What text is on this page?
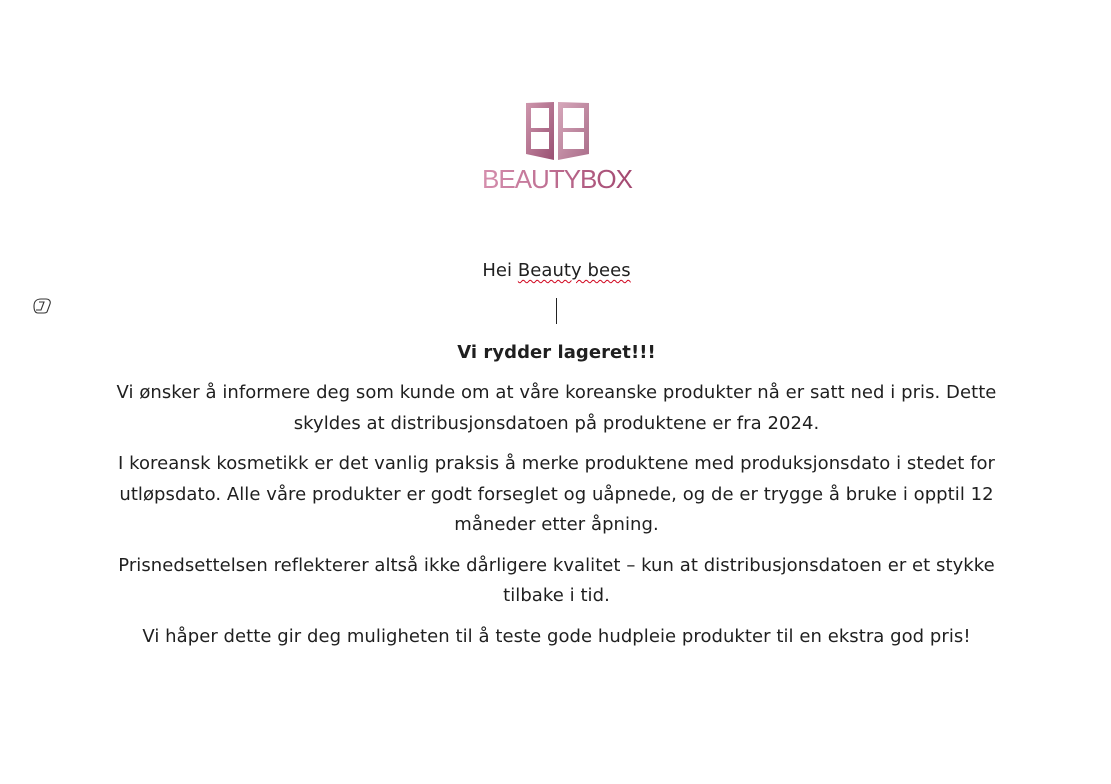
BEAUTYBOX

Hei Beauty bees

Vi rydder lageret!!!

Vi ønsker å informere deg som kunde om at våre koreanske produkter nå er satt ned i pris. Dette skyldes at distribusjonsdatoen på produktene er fra 2024.

I koreansk kosmetikk er det vanlig praksis å merke produktene med produksjonsdato i stedet for utløpsdato. Alle våre produkter er godt forseglet og uåpnede, og de er trygge å bruke i opptil 12 måneder etter åpning.

Prisnedsettelsen reflekterer altså ikke dårligere kvalitet – kun at distribusjonsdatoen er et stykke tilbake i tid.

Vi håper dette gir deg muligheten til å teste gode hudpleie produkter til en ekstra god pris!
